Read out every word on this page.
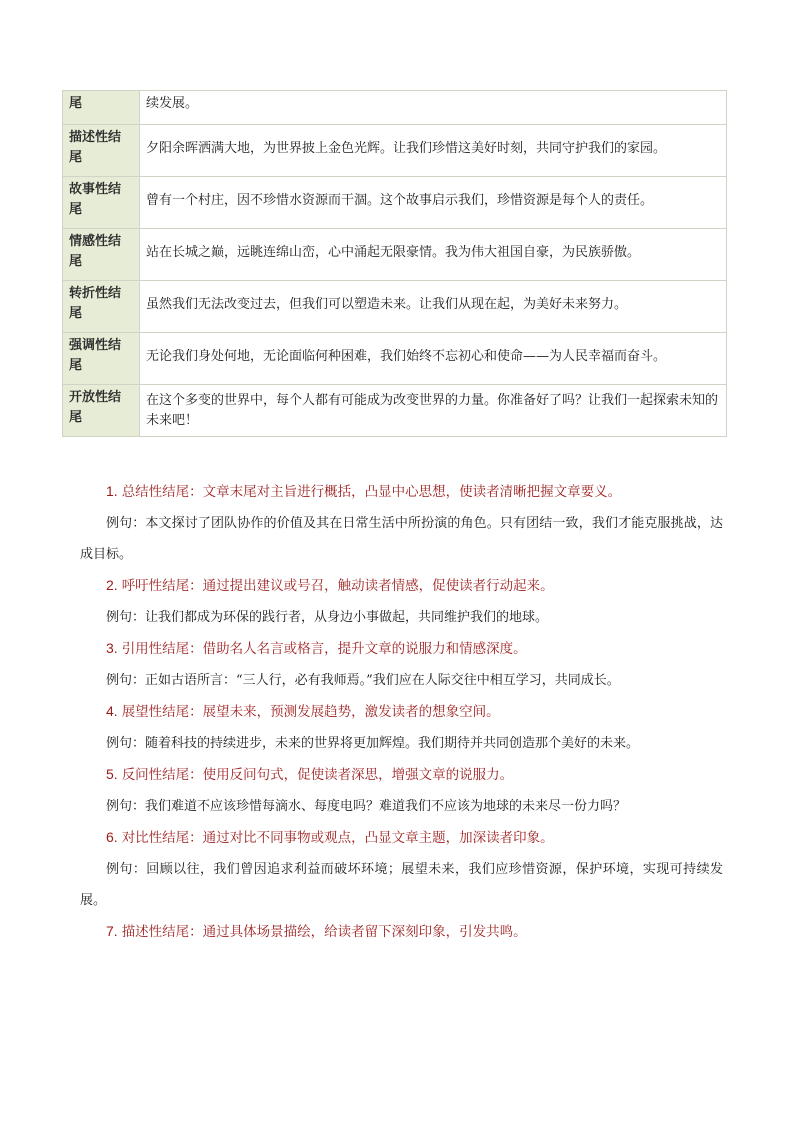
尾	续发展。
描述性结尾	夕阳余晖洒满大地，为世界披上金色光辉。让我们珍惜这美好时刻，共同守护我们的家园。
故事性结尾	曾有一个村庄，因不珍惜水资源而干涸。这个故事启示我们，珍惜资源是每个人的责任。
情感性结尾	站在长城之巅，远眺连绵山峦，心中涌起无限豪情。我为伟大祖国自豪，为民族骄傲。
转折性结尾	虽然我们无法改变过去，但我们可以塑造未来。让我们从现在起，为美好未来努力。
强调性结尾	无论我们身处何地，无论面临何种困难，我们始终不忘初心和使命——为人民幸福而奋斗。
开放性结尾	在这个多变的世界中，每个人都有可能成为改变世界的力量。你准备好了吗？让我们一起探索未知的未来吧！

1. 总结性结尾：文章末尾对主旨进行概括，凸显中心思想，使读者清晰把握文章要义。

例句：本文探讨了团队协作的价值及其在日常生活中所扮演的角色。只有团结一致，我们才能克服挑战，达成目标。

2. 呼吁性结尾：通过提出建议或号召，触动读者情感，促使读者行动起来。

例句：让我们都成为环保的践行者，从身边小事做起，共同维护我们的地球。

3. 引用性结尾：借助名人名言或格言，提升文章的说服力和情感深度。

例句：正如古语所言：“三人行，必有我师焉。”我们应在人际交往中相互学习，共同成长。

4. 展望性结尾：展望未来，预测发展趋势，激发读者的想象空间。

例句：随着科技的持续进步，未来的世界将更加辉煌。我们期待并共同创造那个美好的未来。

5. 反问性结尾：使用反问句式，促使读者深思，增强文章的说服力。

例句：我们难道不应该珍惜每滴水、每度电吗？难道我们不应该为地球的未来尽一份力吗？

6. 对比性结尾：通过对比不同事物或观点，凸显文章主题，加深读者印象。

例句：回顾以往，我们曾因追求利益而破坏环境；展望未来，我们应珍惜资源，保护环境，实现可持续发展。

7. 描述性结尾：通过具体场景描绘，给读者留下深刻印象，引发共鸣。
